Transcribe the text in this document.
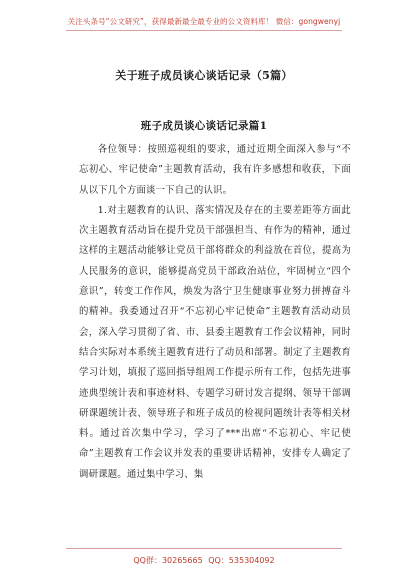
关注头条号“公文研究”，获得最新最全最专业的公文资料库！ 微信：gongwenyj
关于班子成员谈心谈话记录（5篇）
班子成员谈心谈话记录篇1

各位领导：按照巡视组的要求，通过近期全面深入参与“不忘初心、牢记使命”主题教育活动，我有许多感想和收获，下面从以下几个方面谈一下自己的认识。

1.对主题教育的认识、落实情况及存在的主要差距等方面此次主题教育活动旨在提升党员干部强担当、有作为的精神，通过这样的主题活动能够让党员干部将群众的利益放在首位，提高为人民服务的意识，能够提高党员干部政治站位，牢固树立“四个意识”，转变工作作风，焕发为洛宁卫生健康事业努力拼搏奋斗的精神。我委通过召开“不忘初心牢记使命”主题教育活动动员会，深入学习贯彻了省、市、县委主题教育工作会议精神，同时结合实际对本系统主题教育进行了动员和部署。制定了主题教育学习计划，填报了巡回指导组周工作提示所有工作，包括先进事迹典型统计表和事迹材料、专题学习研讨发言提纲、领导干部调研课题统计表、领导班子和班子成员的检视问题统计表等相关材料。通过首次集中学习，学习了***出席“不忘初心、牢记使命”主题教育工作会议并发表的重要讲话精神，安排专人确定了调研课题。通过集中学习、集

QQ群：30265665 QQ：535304092
